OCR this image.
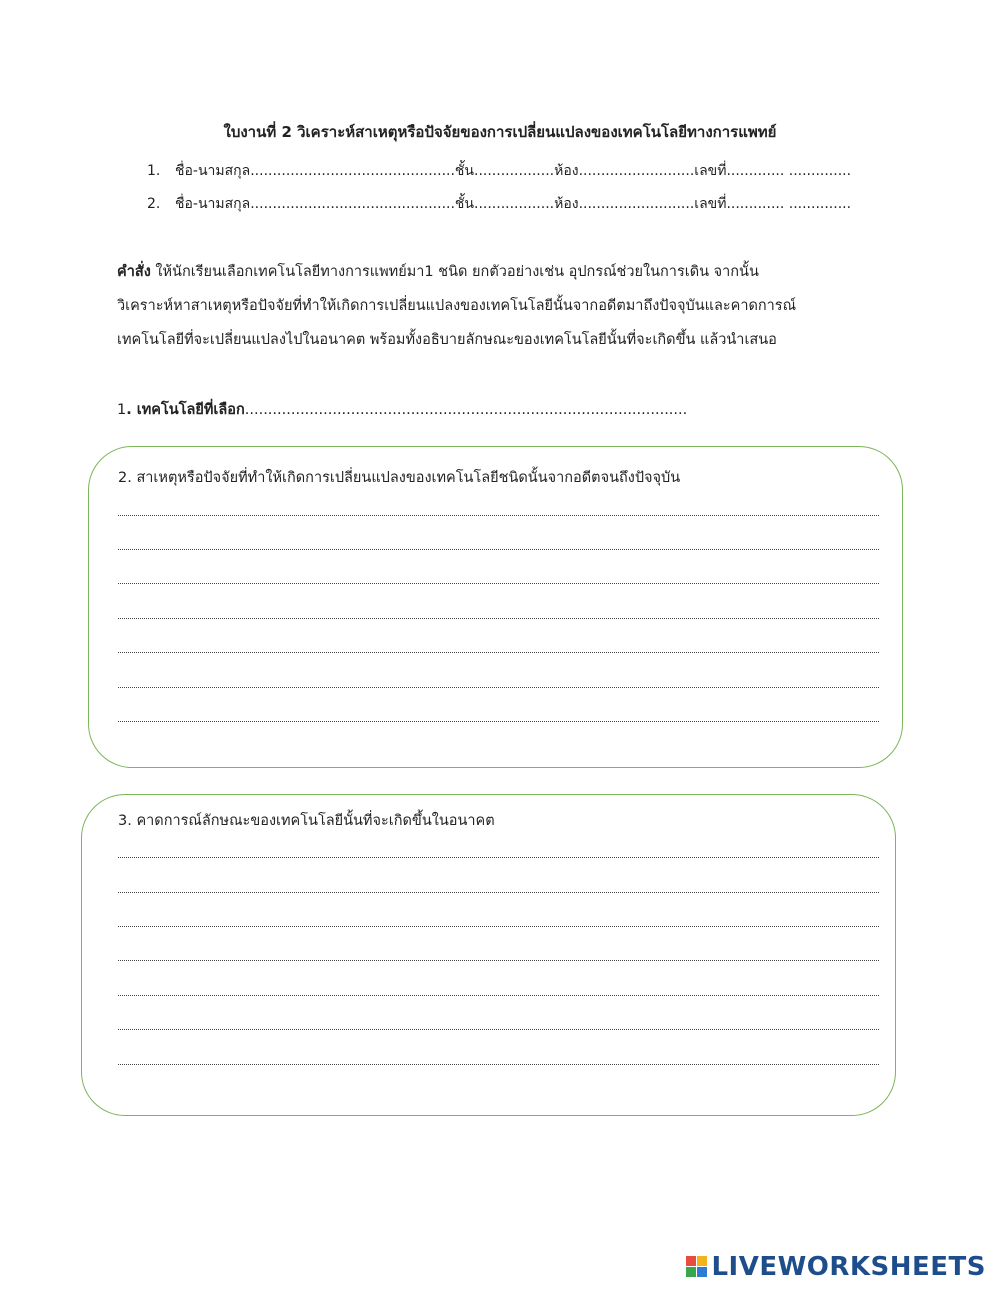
ใบงานที่ 2 วิเคราะห์สาเหตุหรือปัจจัยของการเปลี่ยนแปลงของเทคโนโลยีทางการแพทย์
1. ชื่อ-นามสกุล..............................................ชั้น..................ห้อง..........................เลขที่............. ..............
2. ชื่อ-นามสกุล..............................................ชั้น..................ห้อง..........................เลขที่............. ..............
คำสั่ง ให้นักเรียนเลือกเทคโนโลยีทางการแพทย์มา1 ชนิด ยกตัวอย่างเช่น อุปกรณ์ช่วยในการเดิน จากนั้น
วิเคราะห์หาสาเหตุหรือปัจจัยที่ทำให้เกิดการเปลี่ยนแปลงของเทคโนโลยีนั้นจากอดีตมาถึงปัจจุบันและคาดการณ์
เทคโนโลยีที่จะเปลี่ยนแปลงไปในอนาคต พร้อมทั้งอธิบายลักษณะของเทคโนโลยีนั้นที่จะเกิดขึ้น แล้วนำเสนอ
1. เทคโนโลยีที่เลือก................................................................................................
2. สาเหตุหรือปัจจัยที่ทำให้เกิดการเปลี่ยนแปลงของเทคโนโลยีชนิดนั้นจากอดีตจนถึงปัจจุบัน
3. คาดการณ์ลักษณะของเทคโนโลยีนั้นที่จะเกิดขึ้นในอนาคต
LIVEWORKSHEETS
